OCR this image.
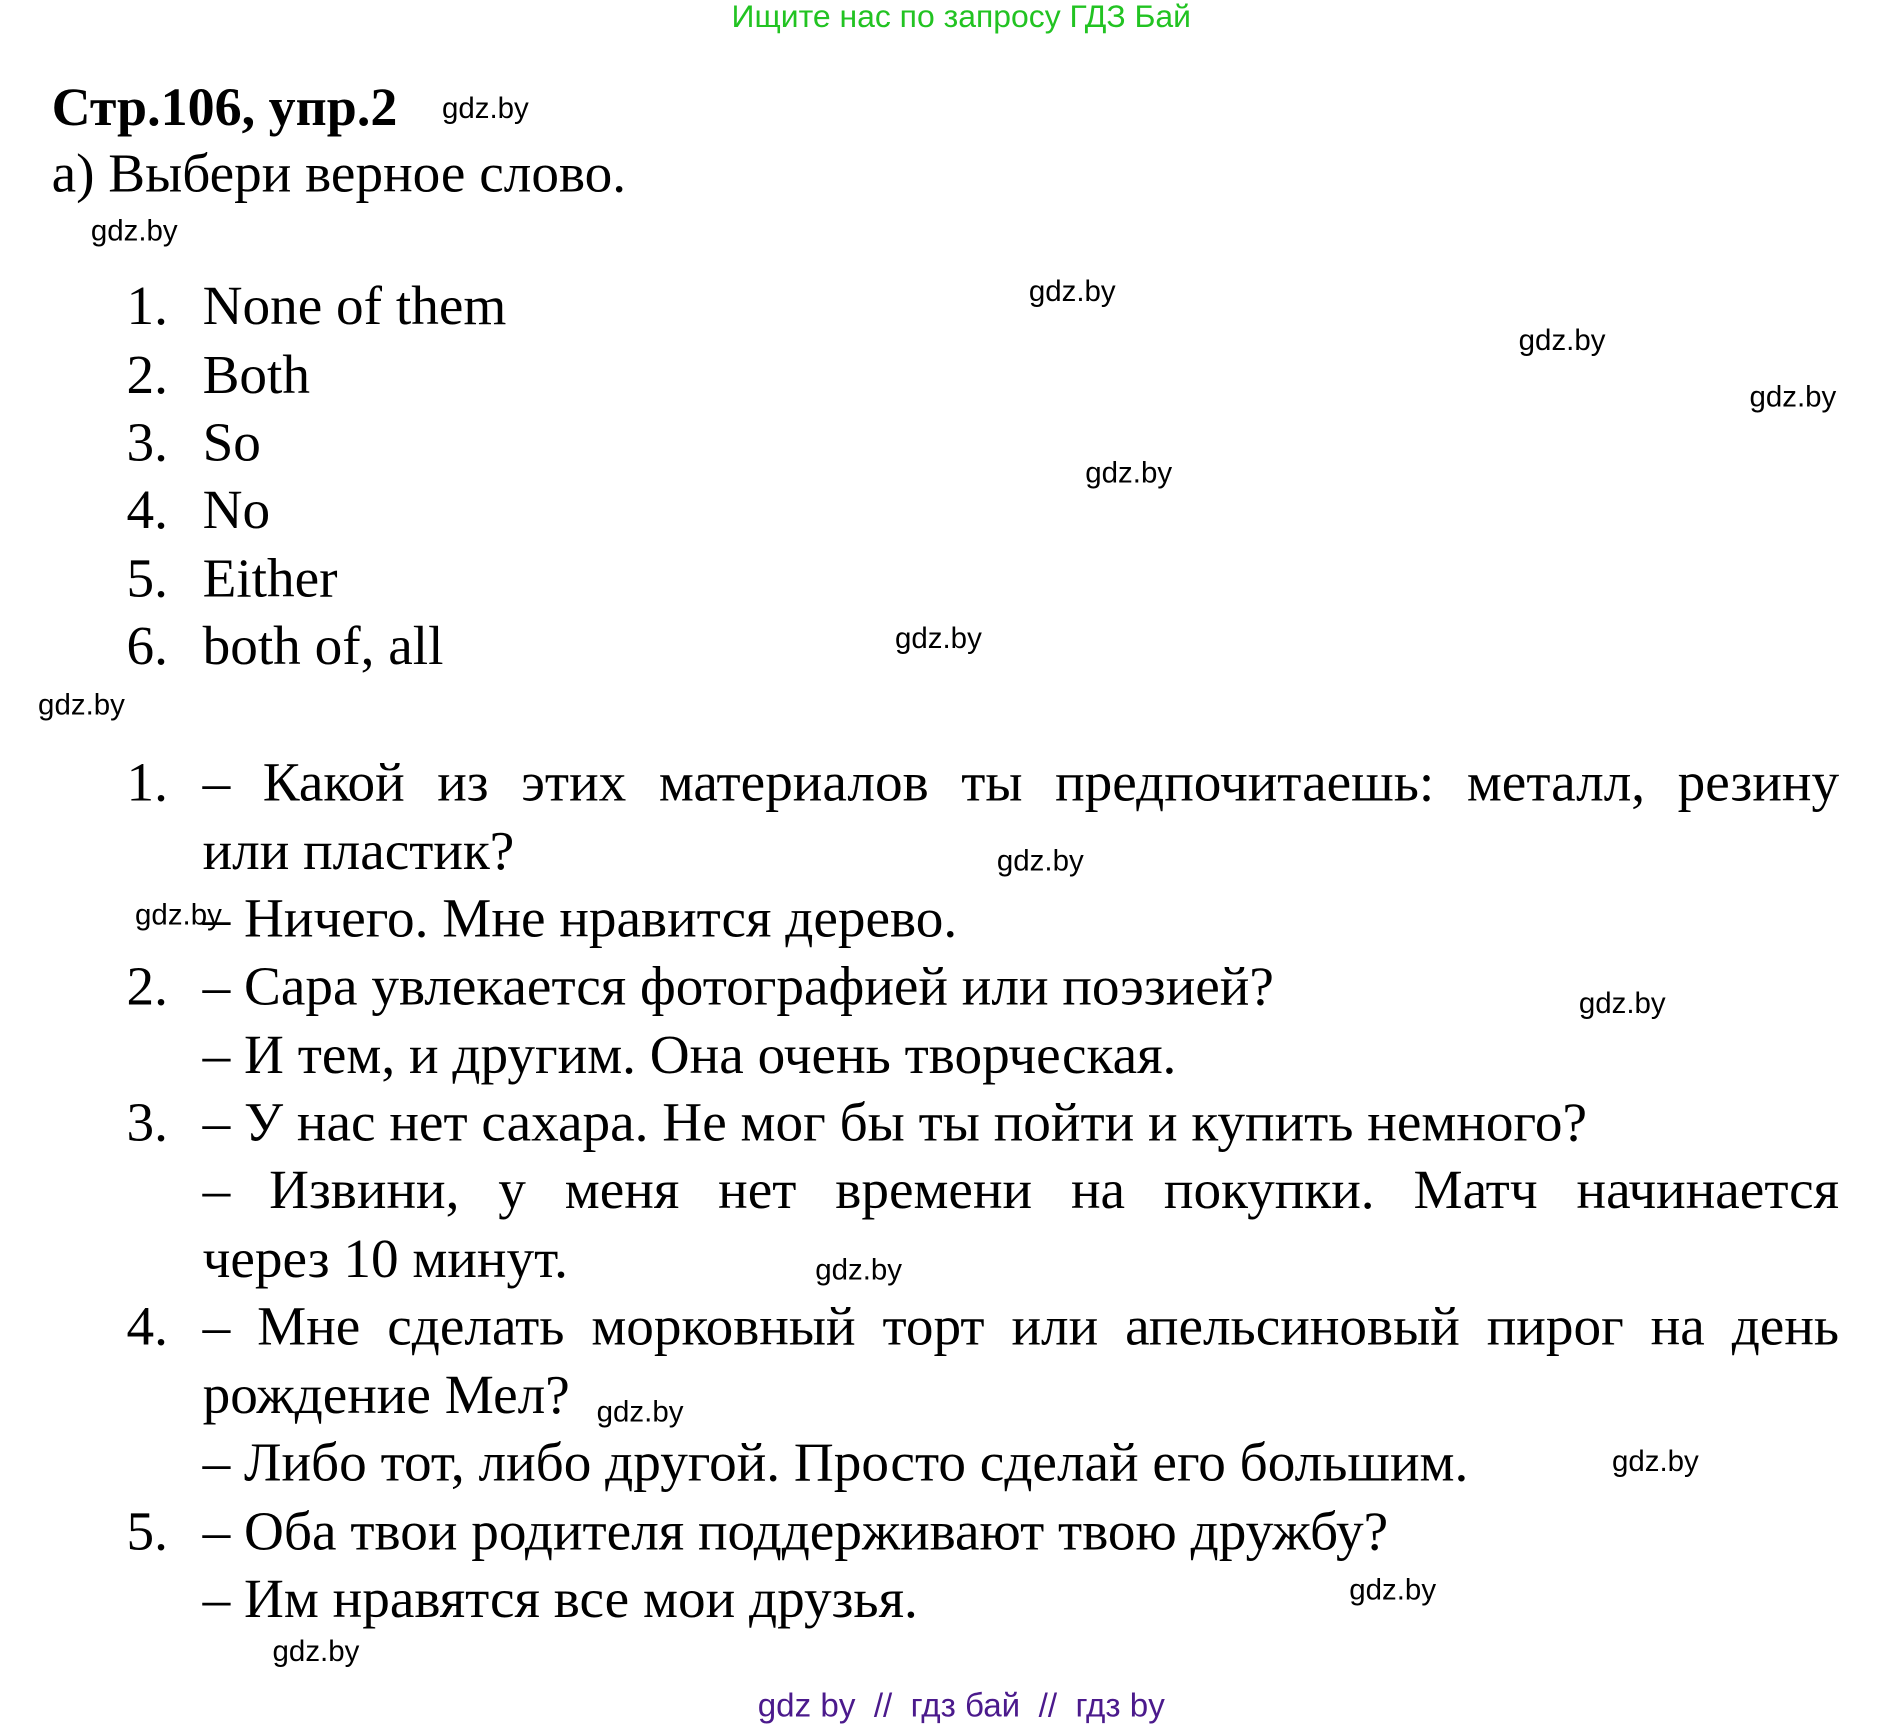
Ищите нас по запросу ГДЗ Бай
Стр.106, упр.2
а) Выбери верное слово.
1. None of them
2. Both
3. So
4. No
5. Either
6. both of, all
1. – Какой из этих материалов ты предпочитаешь: металл, резину
или пластик?
– Ничего. Мне нравится дерево.
2. – Сара увлекается фотографией или поэзией?
– И тем, и другим. Она очень творческая.
3. – У нас нет сахара. Не мог бы ты пойти и купить немного?
– Извини, у меня нет времени на покупки. Матч начинается
через 10 минут.
4. – Мне сделать морковный торт или апельсиновый пирог на день
рождение Мел?
– Либо тот, либо другой. Просто сделай его большим.
5. – Оба твои родителя поддерживают твою дружбу?
– Им нравятся все мои друзья.
gdz.by
gdz.by
gdz.by
gdz.by
gdz.by
gdz.by
gdz.by
gdz.by
gdz.by
gdz.by
gdz.by
gdz.by
gdz.by
gdz.by
gdz.by
gdz.by
gdz by  //  гдз бай  //  гдз by
